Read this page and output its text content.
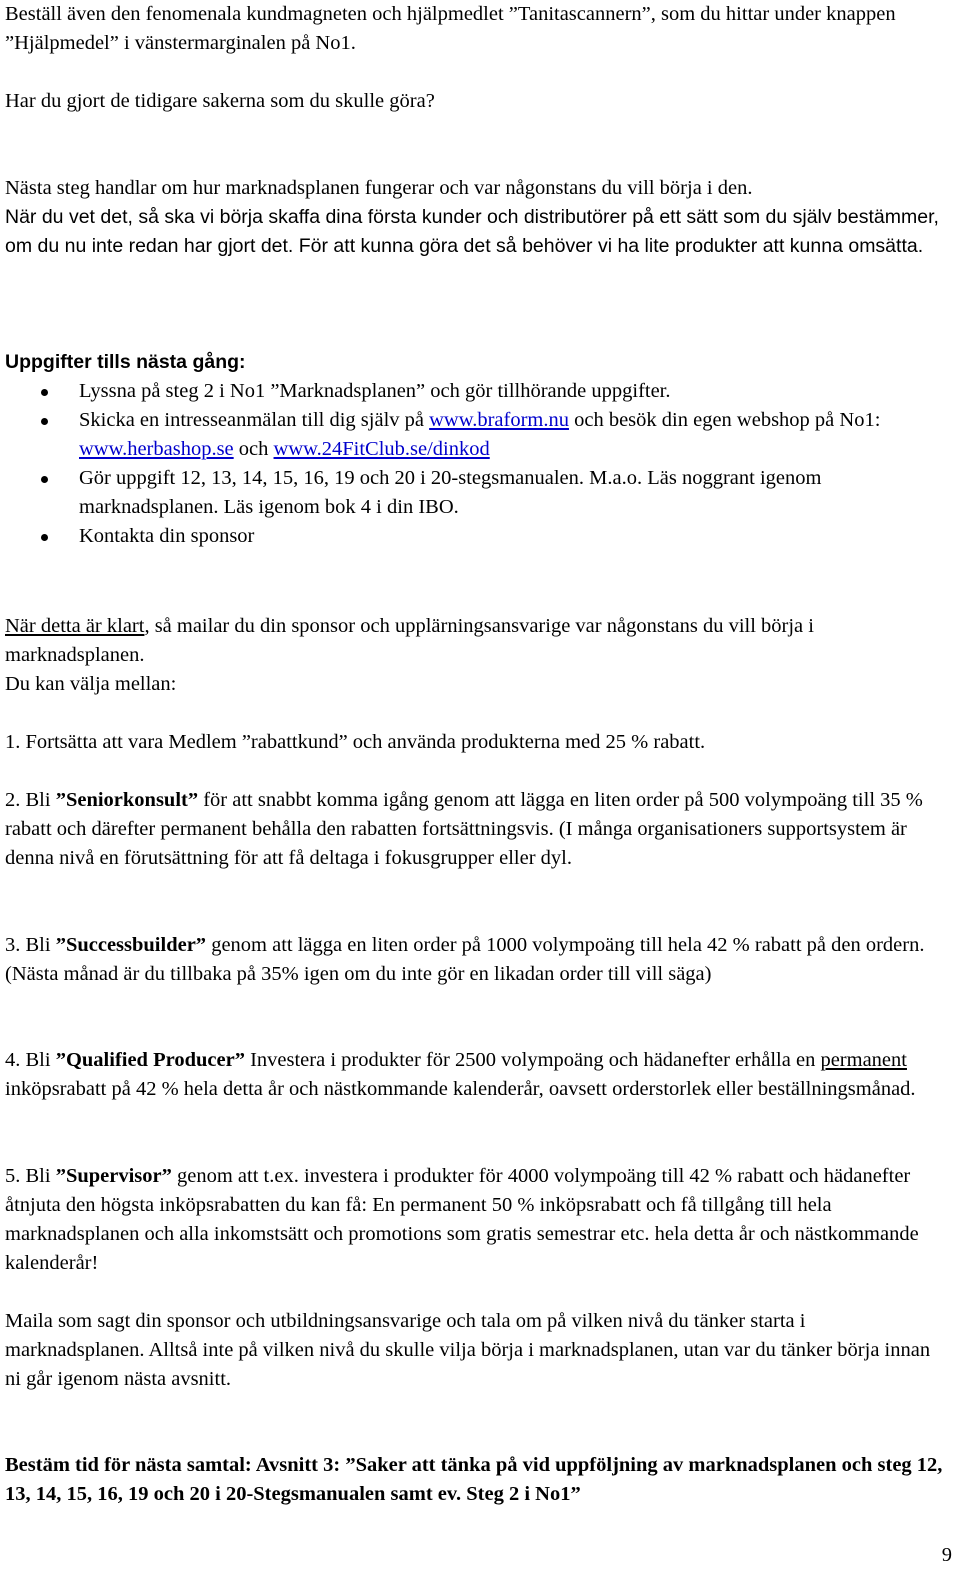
Beställ även den fenomenala kundmagneten och hjälpmedlet ”Tanitascannern”, som du hittar under knappen ”Hjälpmedel” i vänstermarginalen på No1.

Har du gjort de tidigare sakerna som du skulle göra?

Nästa steg handlar om hur marknadsplanen fungerar och var någonstans du vill börja i den.

När du vet det, så ska vi börja skaffa dina första kunder och distributörer på ett sätt som du själv bestämmer, om du nu inte redan har gjort det. För att kunna göra det så behöver vi ha lite produkter att kunna omsätta.

Uppgifter tills nästa gång:

Lyssna på steg 2 i No1 ”Marknadsplanen” och gör tillhörande uppgifter.
Skicka en intresseanmälan till dig själv på www.braform.nu och besök din egen webshop på No1: www.herbashop.se och www.24FitClub.se/dinkod
Gör uppgift 12, 13, 14, 15, 16, 19 och 20 i 20-stegsmanualen. M.a.o. Läs noggrant igenom marknadsplanen. Läs igenom bok 4 i din IBO.
Kontakta din sponsor

När detta är klart, så mailar du din sponsor och upplärningsansvarige var någonstans du vill börja i marknadsplanen.

Du kan välja mellan:

1. Fortsätta att vara Medlem ”rabattkund” och använda produkterna med 25 % rabatt.

2. Bli ”Seniorkonsult” för att snabbt komma igång genom att lägga en liten order på 500 volympoäng till 35 % rabatt och därefter permanent behålla den rabatten fortsättningsvis. (I många organisationers supportsystem är denna nivå en förutsättning för att få deltaga i fokusgrupper eller dyl.

3. Bli ”Successbuilder” genom att lägga en liten order på 1000 volympoäng till hela 42 % rabatt på den ordern. (Nästa månad är du tillbaka på 35% igen om du inte gör en likadan order till vill säga)

4. Bli ”Qualified Producer” Investera i produkter för 2500 volympoäng och hädanefter erhålla en permanent inköpsrabatt på 42 % hela detta år och nästkommande kalenderår, oavsett orderstorlek eller beställningsmånad.

5. Bli ”Supervisor” genom att t.ex. investera i produkter för 4000 volympoäng till 42 % rabatt och hädanefter åtnjuta den högsta inköpsrabatten du kan få: En permanent 50 % inköpsrabatt och få tillgång till hela marknadsplanen och alla inkomstsätt och promotions som gratis semestrar etc. hela detta år och nästkommande kalenderår!

Maila som sagt din sponsor och utbildningsansvarige och tala om på vilken nivå du tänker starta i marknadsplanen. Alltså inte på vilken nivå du skulle vilja börja i marknadsplanen, utan var du tänker börja innan ni går igenom nästa avsnitt.

Bestäm tid för nästa samtal: Avsnitt 3: ”Saker att tänka på vid uppföljning av marknadsplanen och steg 12, 13, 14, 15, 16, 19 och 20 i 20-Stegsmanualen samt ev. Steg 2 i No1”

9
